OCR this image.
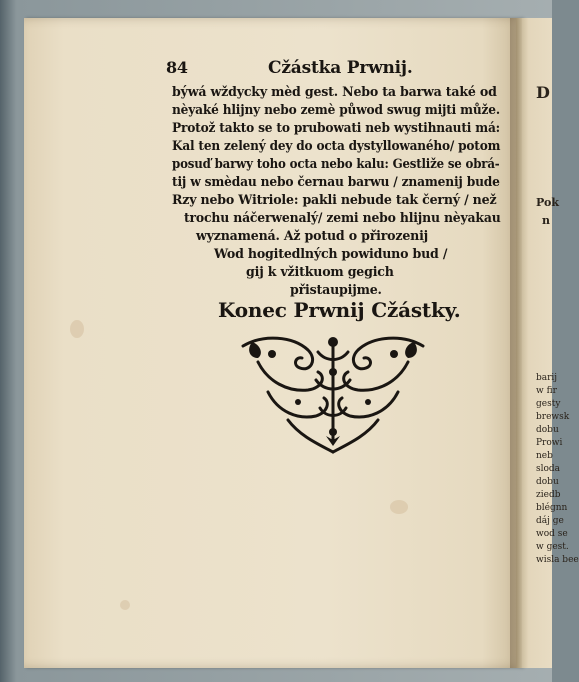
84	Cžástka Prwnij.
býwá wždycky mèd gest. Nebo ta barwa také od
nèyaké hlijny nebo zemè půwod swug mijti může.
Protož takto se to prubowati neb wystihnauti má:
Kal ten zelený dey do octa dystyllowaného/ potom
posuď barwy toho octa nebo kalu: Gestliže se obrá-
tij w smèdau nebo černau barwu / znamenij bude
Rzy nebo Witriole: pakli nebude tak černý / než
trochu náčerwenalý/ zemi nebo hlijnu nèyakau
wyznamená. Až potud o přirozenij
Wod hogitedlných powiduno bud /
gij k vžitkuom gegich
přistaupijme.
Konec Prwnij Cžástky.
D
Pok
n
barij
w fir
gesty
brewsk
dobu
Prowi
neb
sloda
dobu
ziedb
blégnn
dáj ge
wod se
w gest.
wisla bee
